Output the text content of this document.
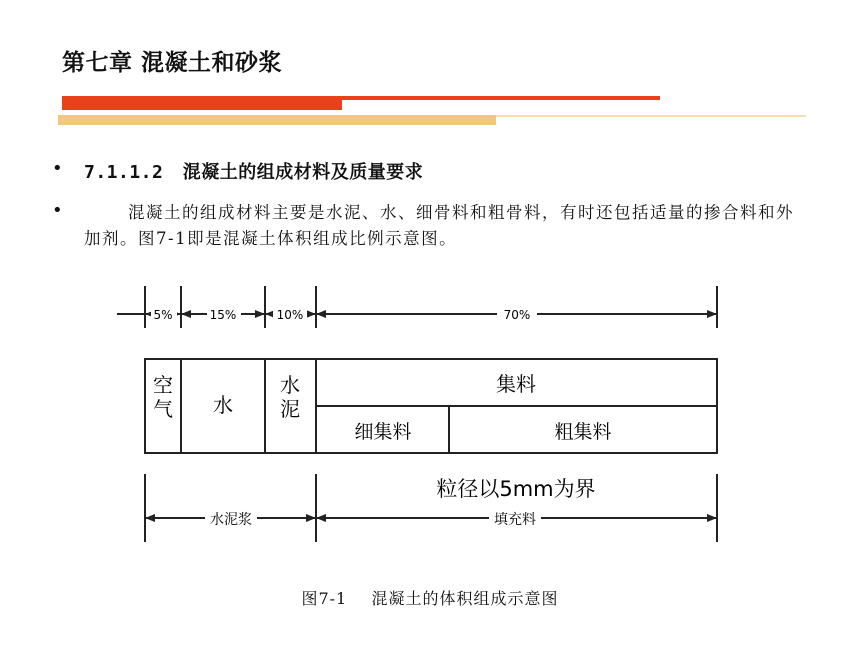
第七章 混凝土和砂浆
• 7.1.1.2 混凝土的组成材料及质量要求
•	混凝土的组成材料主要是水泥、水、细骨料和粗骨料，有时还包括适量的掺合料和外加剂。图7-1即是混凝土体积组成比例示意图。
5%	15%	10%	70%
空气 水
水泥
集料
细集料	粗集料
粒径以5mm为界
水泥浆	填充料
图7-1    混凝土的体积组成示意图
